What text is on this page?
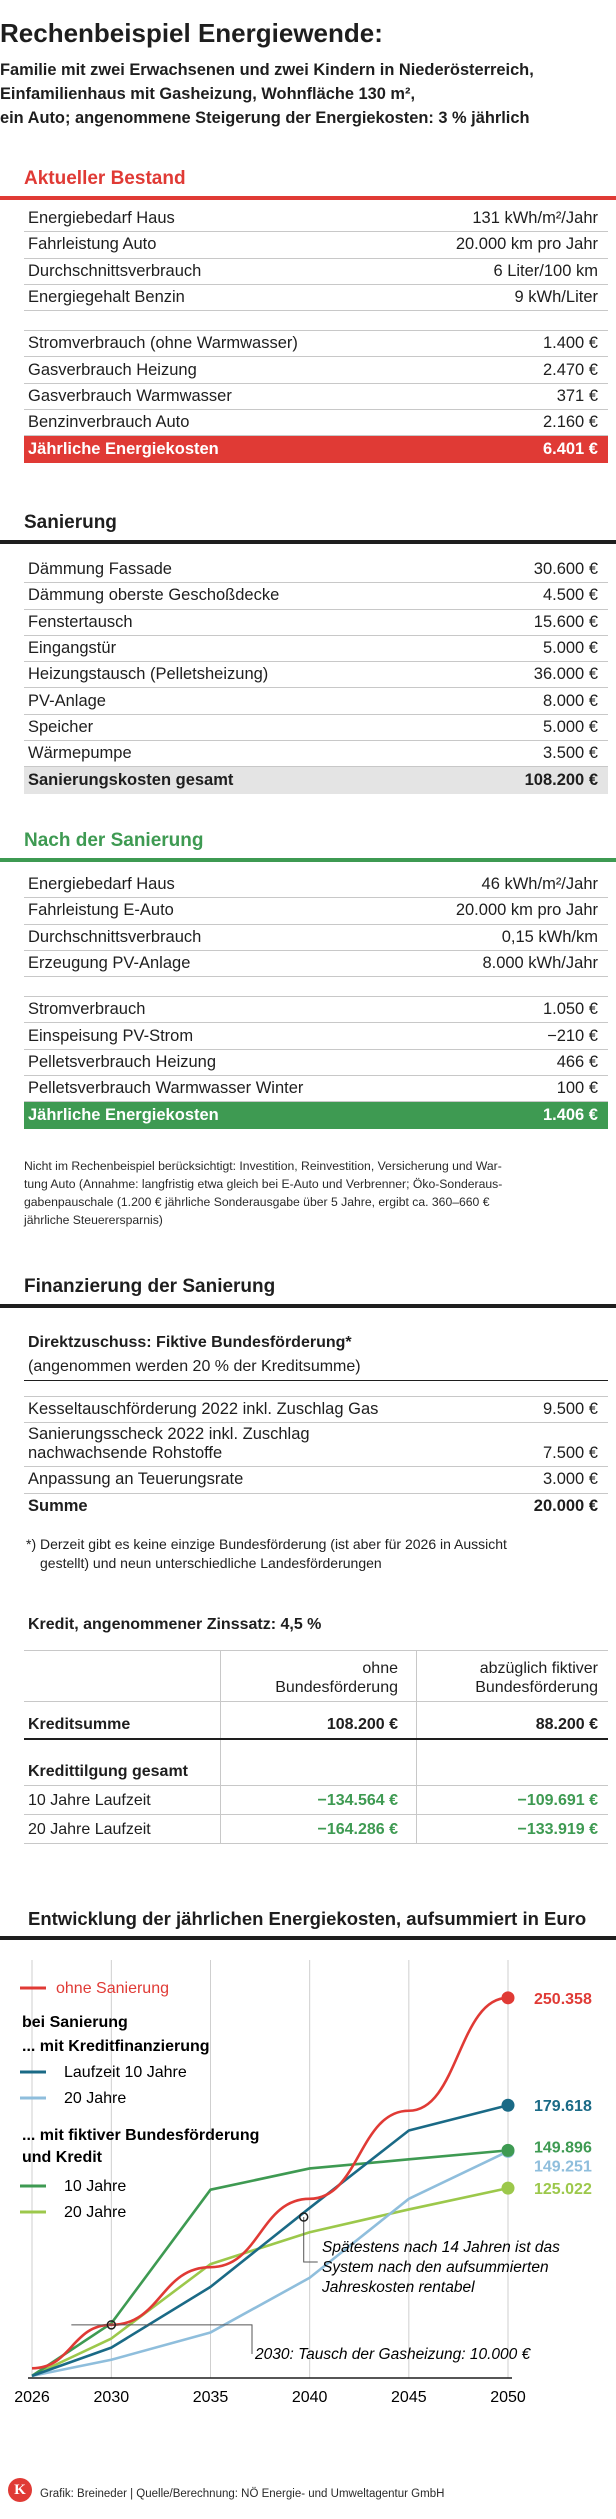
Rechenbeispiel Energiewende:
Familie mit zwei Erwachsenen und zwei Kindern in Niederösterreich,
Einfamilienhaus mit Gasheizung, Wohnfläche 130 m²,
ein Auto; angenommene Steigerung der Energiekosten: 3 % jährlich
Aktueller Bestand
Energiebedarf Haus	131 kWh/m²/Jahr
Fahrleistung Auto	20.000 km pro Jahr
Durchschnittsverbrauch	6 Liter/100 km
Energiegehalt Benzin	9 kWh/Liter
Stromverbrauch (ohne Warmwasser)	1.400 €
Gasverbrauch Heizung	2.470 €
Gasverbrauch Warmwasser	371 €
Benzinverbrauch Auto	2.160 €
Jährliche Energiekosten	6.401 €
Sanierung
Dämmung Fassade	30.600 €
Dämmung oberste Geschoßdecke	4.500 €
Fenstertausch	15.600 €
Eingangstür	5.000 €
Heizungstausch (Pelletsheizung)	36.000 €
PV-Anlage	8.000 €
Speicher	5.000 €
Wärmepumpe	3.500 €
Sanierungskosten gesamt	108.200 €
Nach der Sanierung
Energiebedarf Haus	46 kWh/m²/Jahr
Fahrleistung E-Auto	20.000 km pro Jahr
Durchschnittsverbrauch	0,15 kWh/km
Erzeugung PV-Anlage	8.000 kWh/Jahr
Stromverbrauch	1.050 €
Einspeisung PV-Strom	−210 €
Pelletsverbrauch Heizung	466 €
Pelletsverbrauch Warmwasser Winter	100 €
Jährliche Energiekosten	1.406 €
Nicht im Rechenbeispiel berücksichtigt: Investition, Reinvestition, Versicherung und War-
tung Auto (Annahme: langfristig etwa gleich bei E-Auto und Verbrenner; Öko-Sonderaus-
gabenpauschale (1.200 € jährliche Sonderausgabe über 5 Jahre, ergibt ca. 360–660 €
jährliche Steuerersparnis)
Finanzierung der Sanierung
Direktzuschuss: Fiktive Bundesförderung*
(angenommen werden 20 % der Kreditsumme)
Kesseltauschförderung 2022 inkl. Zuschlag Gas	9.500 €
Sanierungsscheck 2022 inkl. Zuschlag
nachwachsende Rohstoffe	7.500 €
Anpassung an Teuerungsrate	3.000 €
Summe	20.000 €
*) Derzeit gibt es keine einzige Bundesförderung (ist aber für 2026 in Aussicht
gestellt) und neun unterschiedliche Landesförderungen
Kredit, angenommener Zinssatz: 4,5 %
ohne
Bundesförderung
abzüglich fiktiver
Bundesförderung
Kreditsumme	108.200 €	88.200 €
Kredittilgung gesamt
10 Jahre Laufzeit	−134.564 €	−109.691 €
20 Jahre Laufzeit	−164.286 €	−133.919 €
Entwicklung der jährlichen Energiekosten, aufsummiert in Euro
125.022
149.251
149.896
179.618
250.358
ohne Sanierung
bei Sanierung
... mit Kreditfinanzierung
Laufzeit 10 Jahre
20 Jahre
... mit fiktiver Bundesförderung
und Kredit
10 Jahre
20 Jahre
Spätestens nach 14 Jahren ist das
System nach den aufsummierten
Jahreskosten rentabel
2030: Tausch der Gasheizung: 10.000 €
2026	2030	2035	2040	2045	2050
K	Grafik: Breineder | Quelle/Berechnung: NÖ Energie- und Umweltagentur GmbH
